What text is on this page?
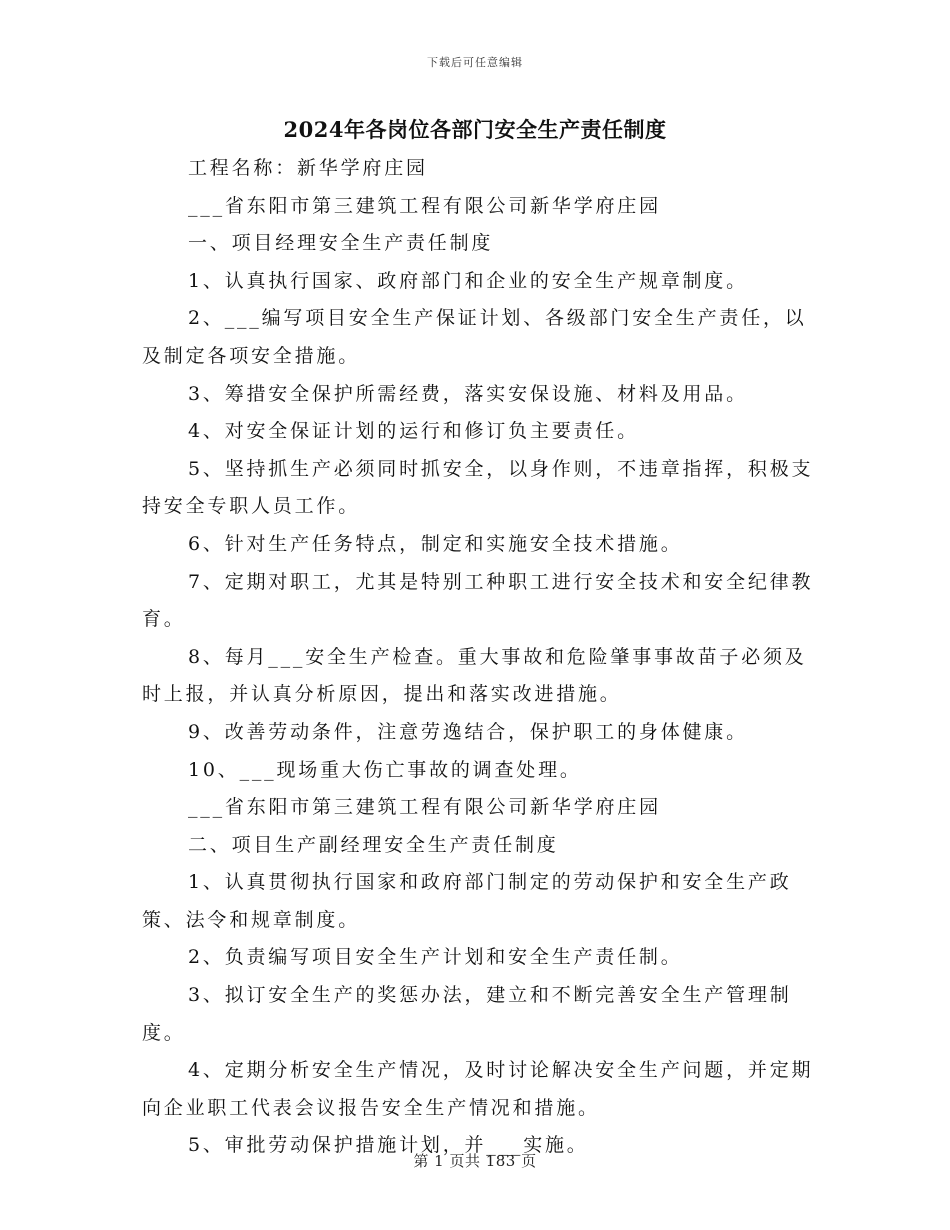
下载后可任意编辑
2024年各岗位各部门安全生产责任制度

工程名称：新华学府庄园

___省东阳市第三建筑工程有限公司新华学府庄园

一、项目经理安全生产责任制度

1、认真执行国家、政府部门和企业的安全生产规章制度。

2、___编写项目安全生产保证计划、各级部门安全生产责任，以及制定各项安全措施。

3、筹措安全保护所需经费，落实安保设施、材料及用品。

4、对安全保证计划的运行和修订负主要责任。

5、坚持抓生产必须同时抓安全，以身作则，不违章指挥，积极支持安全专职人员工作。

6、针对生产任务特点，制定和实施安全技术措施。

7、定期对职工，尤其是特别工种职工进行安全技术和安全纪律教育。

8、每月___安全生产检查。重大事故和危险肇事事故苗子必须及时上报，并认真分析原因，提出和落实改进措施。

9、改善劳动条件，注意劳逸结合，保护职工的身体健康。

10、___现场重大伤亡事故的调查处理。

___省东阳市第三建筑工程有限公司新华学府庄园

二、项目生产副经理安全生产责任制度

1、认真贯彻执行国家和政府部门制定的劳动保护和安全生产政策、法令和规章制度。

2、负责编写项目安全生产计划和安全生产责任制。

3、拟订安全生产的奖惩办法，建立和不断完善安全生产管理制度。

4、定期分析安全生产情况，及时讨论解决安全生产问题，并定期向企业职工代表会议报告安全生产情况和措施。

5、审批劳动保护措施计划，并___实施。

第 1 页共 183 页
